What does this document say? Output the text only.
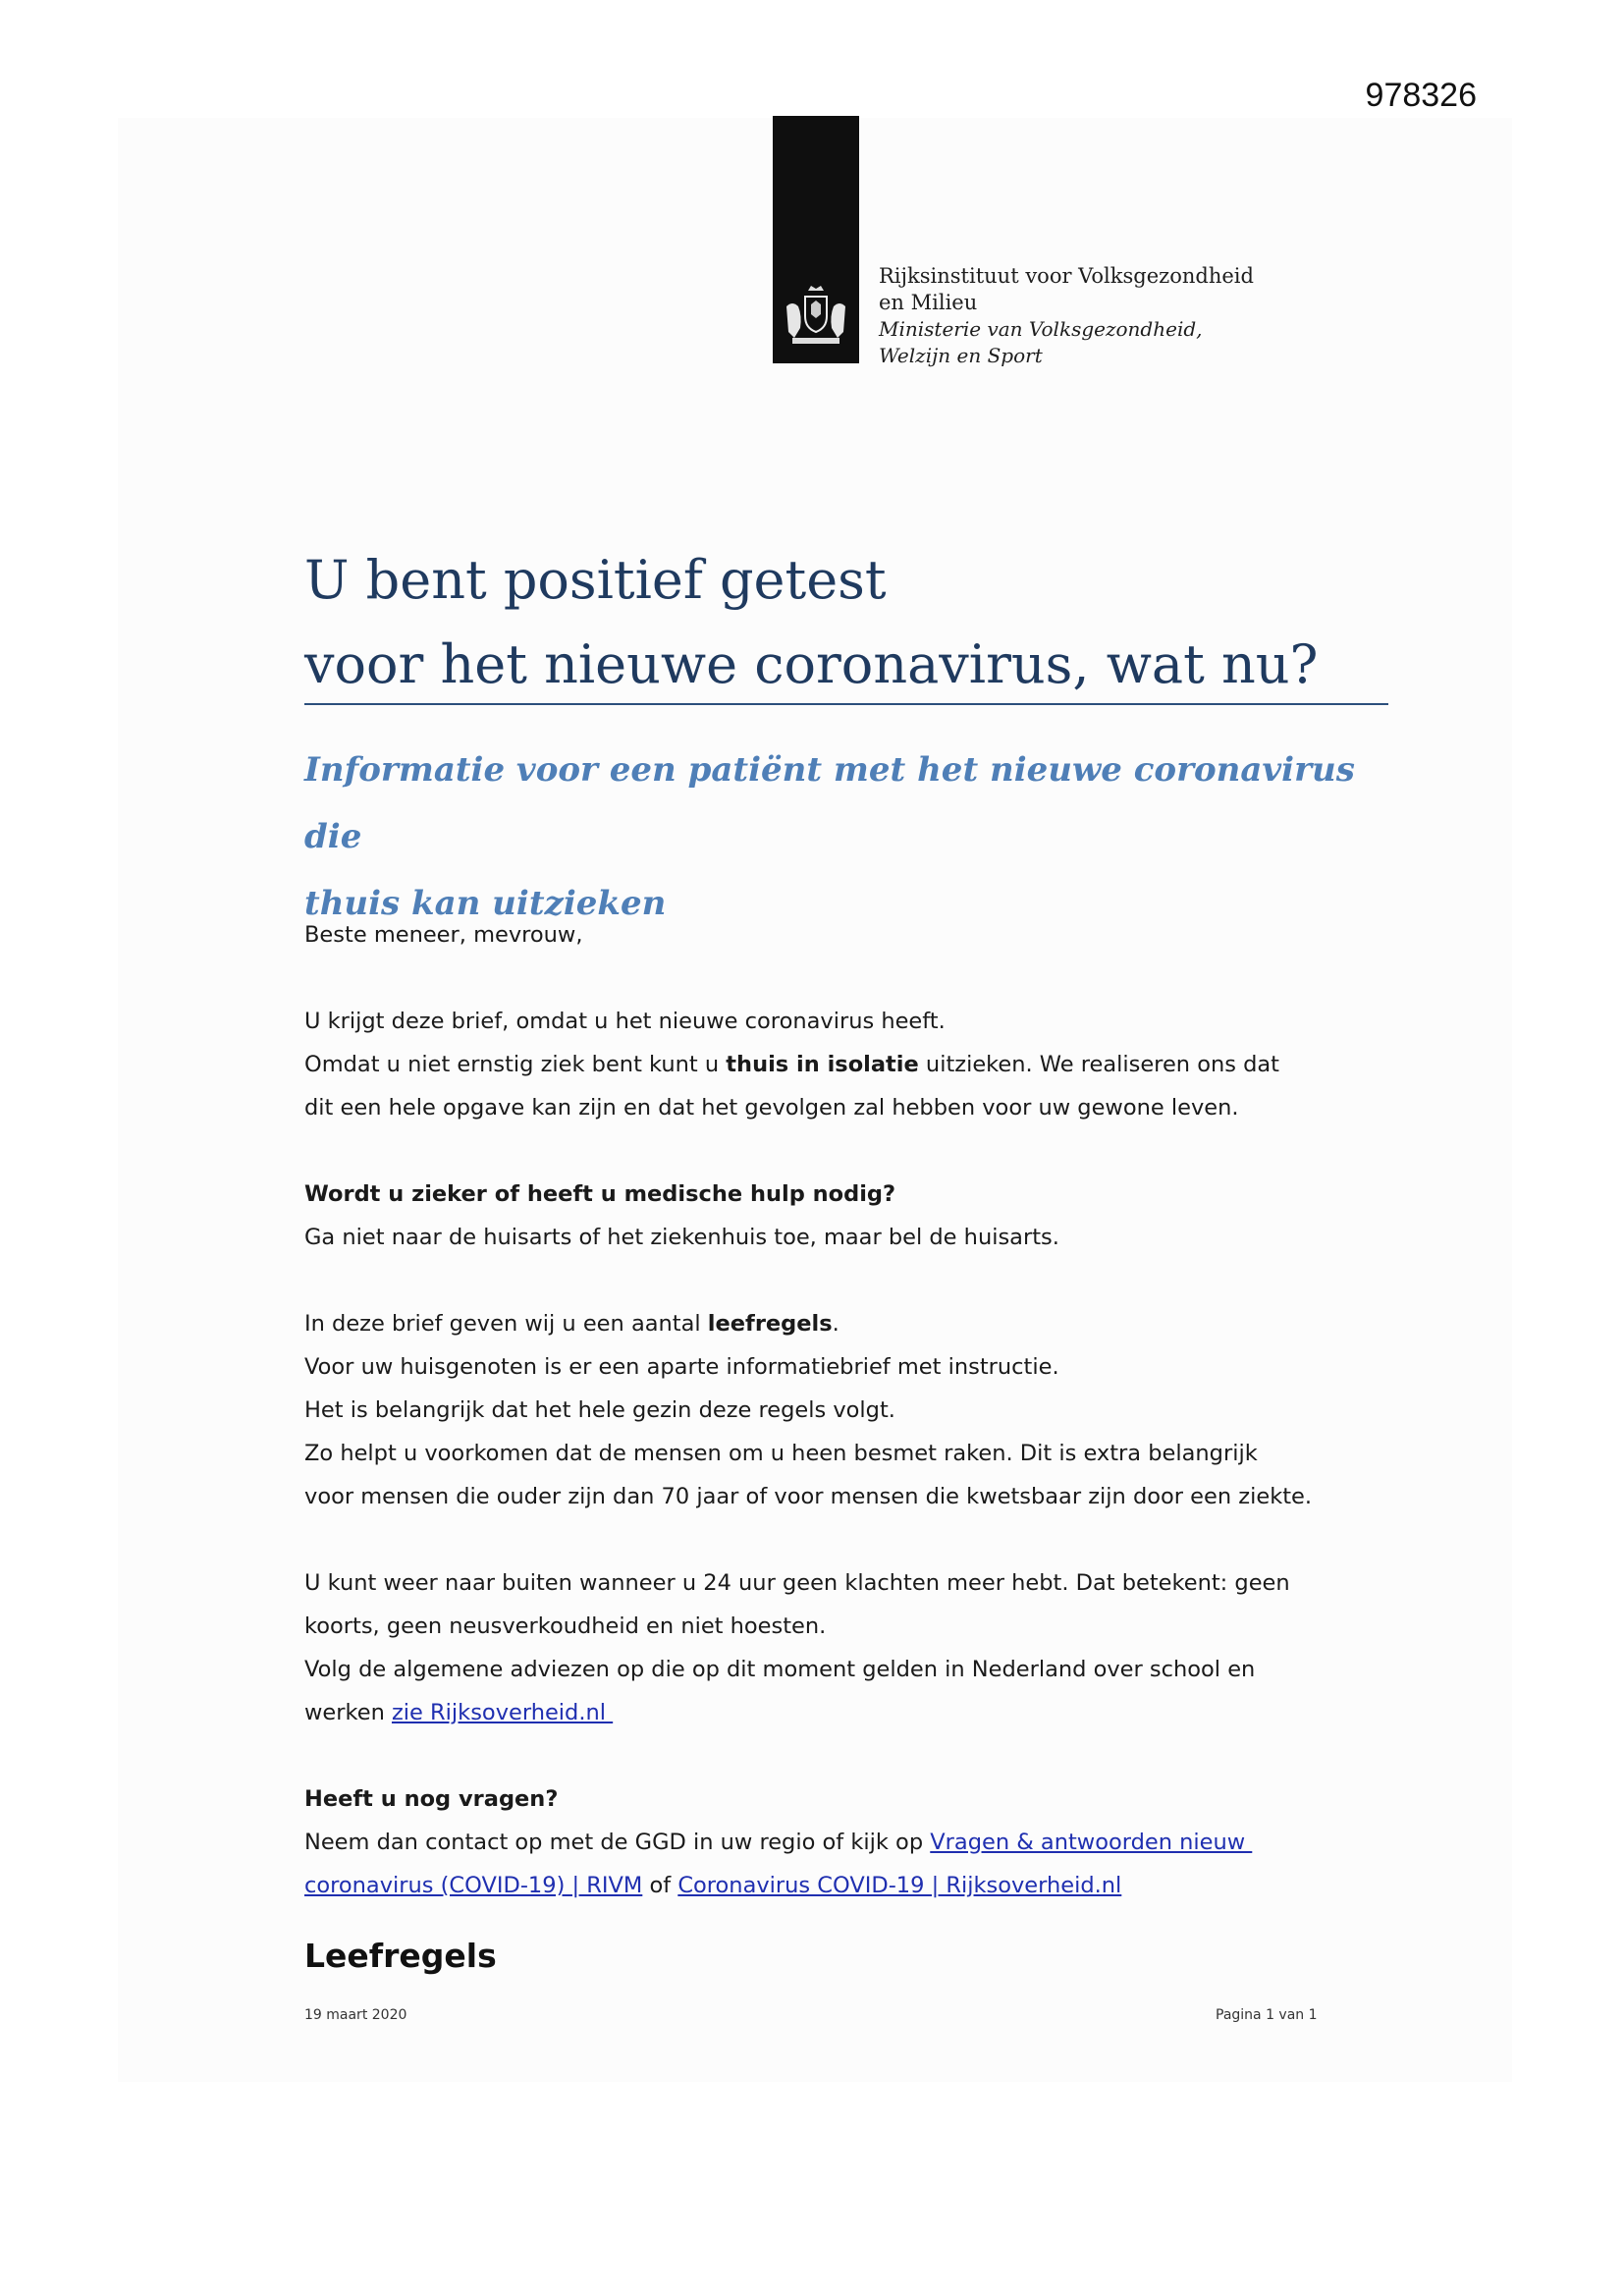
978326
Rijksinstituut voor Volksgezondheid
en Milieu
Ministerie van Volksgezondheid,
Welzijn en Sport
U bent positief getest
voor het nieuwe coronavirus, wat nu?
Informatie voor een patiënt met het nieuwe coronavirus die
thuis kan uitzieken

Beste meneer, mevrouw,

U krijgt deze brief, omdat u het nieuwe coronavirus heeft.

Omdat u niet ernstig ziek bent kunt u thuis in isolatie uitzieken. We realiseren ons dat

dit een hele opgave kan zijn en dat het gevolgen zal hebben voor uw gewone leven.

Wordt u zieker of heeft u medische hulp nodig?

Ga niet naar de huisarts of het ziekenhuis toe, maar bel de huisarts.

In deze brief geven wij u een aantal leefregels.

Voor uw huisgenoten is er een aparte informatiebrief met instructie.

Het is belangrijk dat het hele gezin deze regels volgt.

Zo helpt u voorkomen dat de mensen om u heen besmet raken. Dit is extra belangrijk

voor mensen die ouder zijn dan 70 jaar of voor mensen die kwetsbaar zijn door een ziekte.

U kunt weer naar buiten wanneer u 24 uur geen klachten meer hebt. Dat betekent: geen

koorts, geen neusverkoudheid en niet hoesten.

Volg de algemene adviezen op die op dit moment gelden in Nederland over school en

werken zie Rijksoverheid.nl

Heeft u nog vragen?

Neem dan contact op met de GGD in uw regio of kijk op Vragen & antwoorden nieuw

coronavirus (COVID-19) | RIVM of Coronavirus COVID-19 | Rijksoverheid.nl

Leefregels
19 maart 2020	Pagina 1 van 1
